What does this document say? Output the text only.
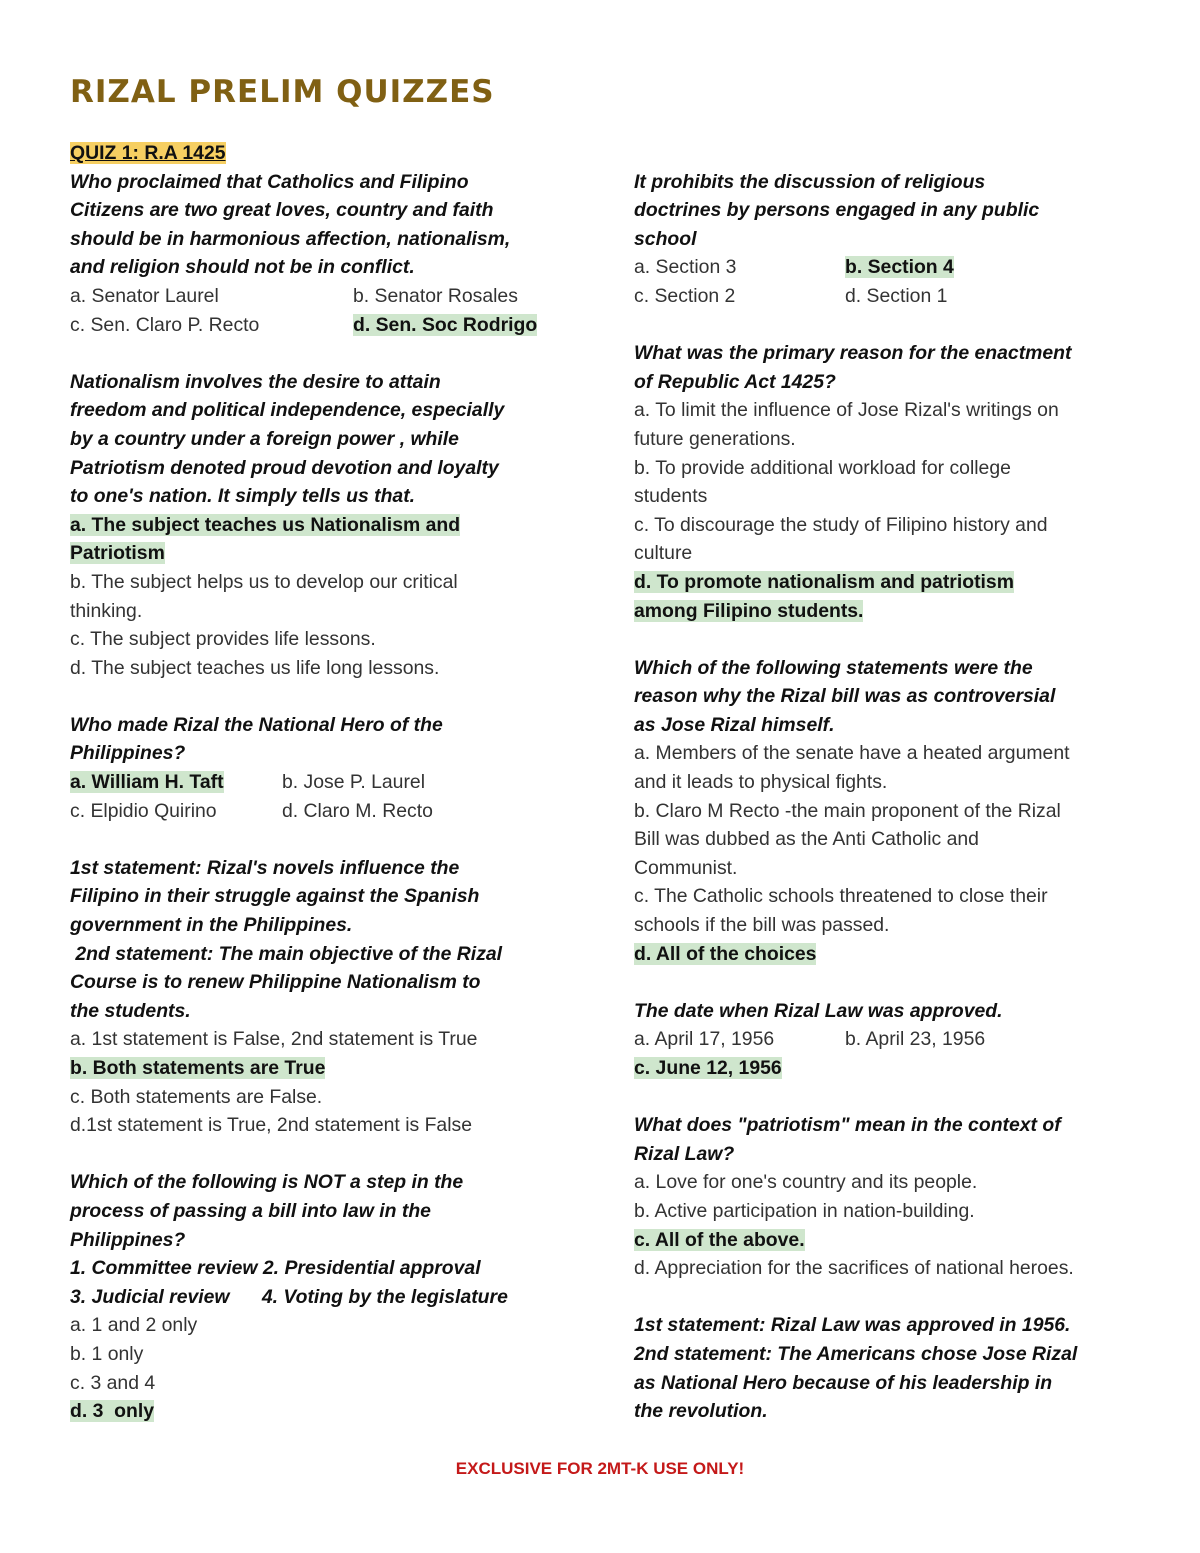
RIZAL PRELIM QUIZZES
QUIZ 1: R.A 1425
Who proclaimed that Catholics and Filipino
Citizens are two great loves, country and faith
should be in harmonious affection, nationalism,
and religion should not be in conflict.
a. Senator Laurel	b. Senator Rosales
c. Sen. Claro P. Recto	d. Sen. Soc Rodrigo
Nationalism involves the desire to attain
freedom and political independence, especially
by a country under a foreign power , while
Patriotism denoted proud devotion and loyalty
to one's nation. It simply tells us that.
a. The subject teaches us Nationalism and
Patriotism
b. The subject helps us to develop our critical
thinking.
c. The subject provides life lessons.
d. The subject teaches us life long lessons.
Who made Rizal the National Hero of the
Philippines?
a. William H. Taft	b. Jose P. Laurel
c. Elpidio Quirino	d. Claro M. Recto
1st statement: Rizal's novels influence the
Filipino in their struggle against the Spanish
government in the Philippines.
2nd statement: The main objective of the Rizal
Course is to renew Philippine Nationalism to
the students.
a. 1st statement is False, 2nd statement is True
b. Both statements are True
c. Both statements are False.
d.1st statement is True, 2nd statement is False
Which of the following is NOT a step in the
process of passing a bill into law in the
Philippines?
1. Committee review 2. Presidential approval
3. Judicial review      4. Voting by the legislature
a. 1 and 2 only
b. 1 only
c. 3 and 4
d. 3  only
It prohibits the discussion of religious
doctrines by persons engaged in any public
school
a. Section 3	b. Section 4
c. Section 2	d. Section 1
What was the primary reason for the enactment
of Republic Act 1425?
a. To limit the influence of Jose Rizal's writings on
future generations.
b. To provide additional workload for college
students
c. To discourage the study of Filipino history and
culture
d. To promote nationalism and patriotism
among Filipino students.
Which of the following statements were the
reason why the Rizal bill was as controversial
as Jose Rizal himself.
a. Members of the senate have a heated argument
and it leads to physical fights.
b. Claro M Recto -the main proponent of the Rizal
Bill was dubbed as the Anti Catholic and
Communist.
c. The Catholic schools threatened to close their
schools if the bill was passed.
d. All of the choices
The date when Rizal Law was approved.
a. April 17, 1956	b. April 23, 1956
c. June 12, 1956
What does "patriotism" mean in the context of
Rizal Law?
a. Love for one's country and its people.
b. Active participation in nation-building.
c. All of the above.
d. Appreciation for the sacrifices of national heroes.
1st statement: Rizal Law was approved in 1956.
2nd statement: The Americans chose Jose Rizal
as National Hero because of his leadership in
the revolution.
EXCLUSIVE FOR 2MT-K USE ONLY!
